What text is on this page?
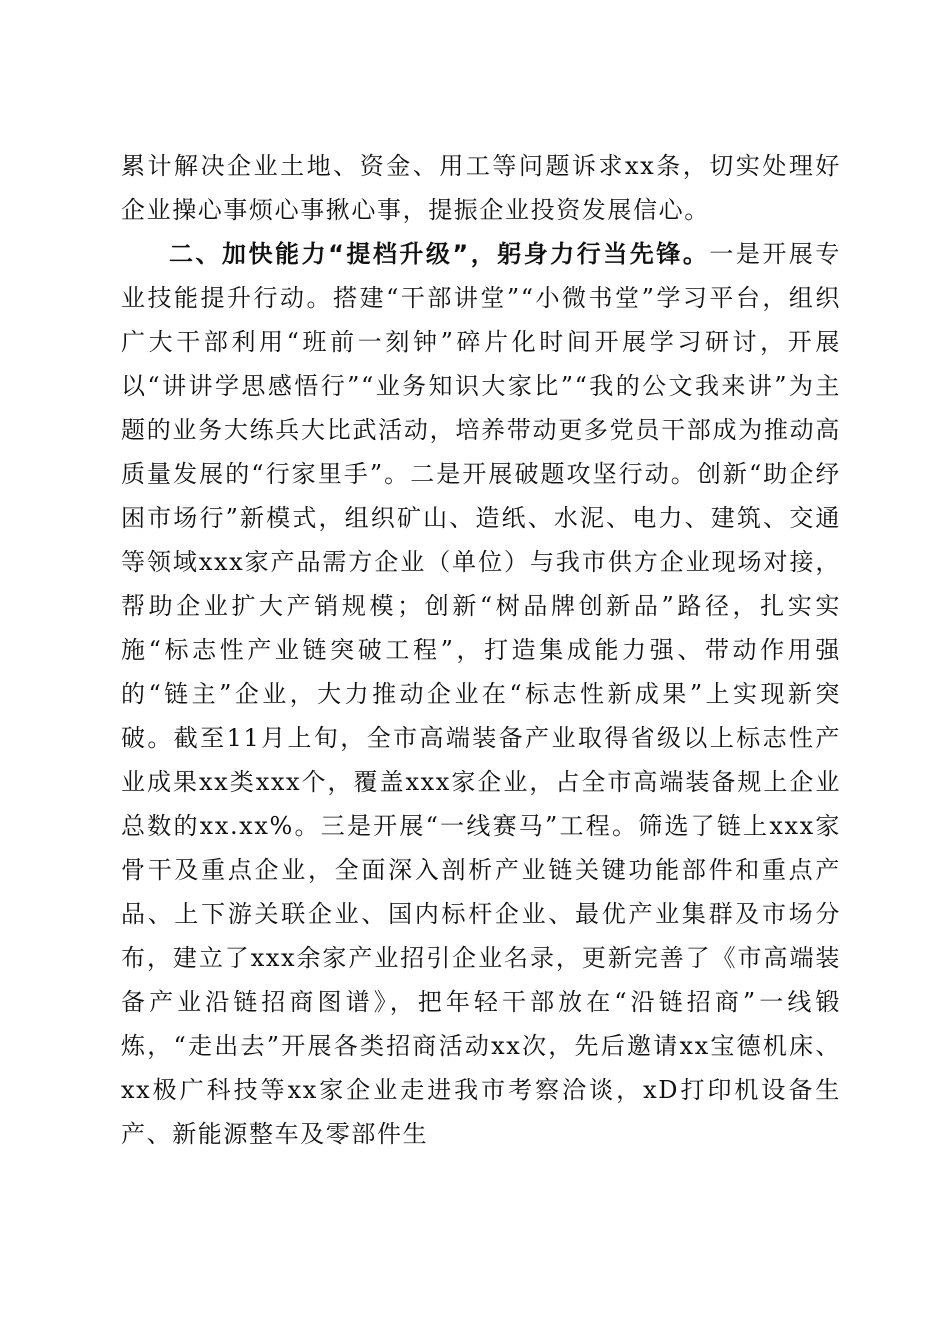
累计解决企业土地、资金、用工等问题诉求xx条，切实处理好企业操心事烦心事揪心事，提振企业投资发展信心。

二、加快能力“提档升级”，躬身力行当先锋。一是开展专业技能提升行动。搭建“干部讲堂”“小微书堂”学习平台，组织广大干部利用“班前一刻钟”碎片化时间开展学习研讨，开展以“讲讲学思感悟行”“业务知识大家比”“我的公文我来讲”为主题的业务大练兵大比武活动，培养带动更多党员干部成为推动高质量发展的“行家里手”。二是开展破题攻坚行动。创新“助企纾困市场行”新模式，组织矿山、造纸、水泥、电力、建筑、交通等领域xxx家产品需方企业（单位）与我市供方企业现场对接，帮助企业扩大产销规模；创新“树品牌创新品”路径，扎实实施“标志性产业链突破工程”，打造集成能力强、带动作用强的“链主”企业，大力推动企业在“标志性新成果”上实现新突破。截至11月上旬，全市高端装备产业取得省级以上标志性产业成果xx类xxx个，覆盖xxx家企业，占全市高端装备规上企业总数的xx.xx%。三是开展“一线赛马”工程。筛选了链上xxx家骨干及重点企业，全面深入剖析产业链关键功能部件和重点产品、上下游关联企业、国内标杆企业、最优产业集群及市场分布，建立了xxx余家产业招引企业名录，更新完善了《市高端装备产业沿链招商图谱》，把年轻干部放在“沿链招商”一线锻炼，“走出去”开展各类招商活动xx次，先后邀请xx宝德机床、xx极广科技等xx家企业走进我市考察洽谈，xD打印机设备生产、新能源整车及零部件生
